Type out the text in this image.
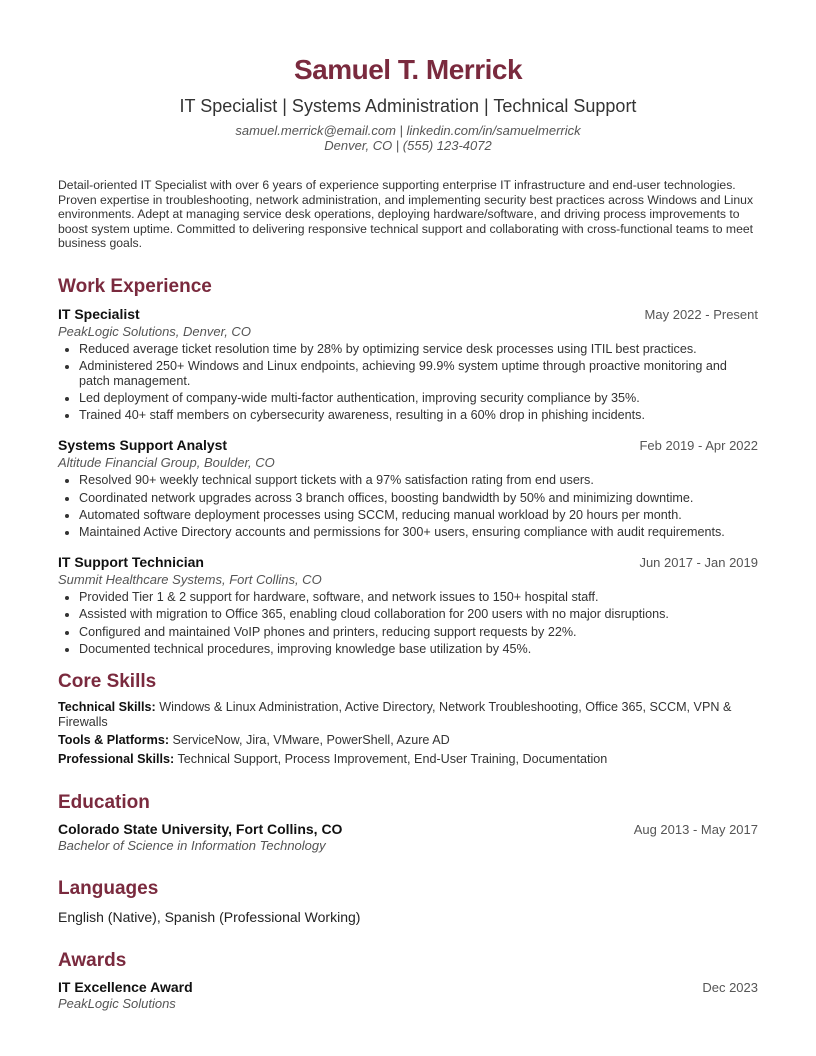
Samuel T. Merrick
IT Specialist | Systems Administration | Technical Support
samuel.merrick@email.com | linkedin.com/in/samuelmerrick
Denver, CO | (555) 123-4072
Detail-oriented IT Specialist with over 6 years of experience supporting enterprise IT infrastructure and end-user technologies. Proven expertise in troubleshooting, network administration, and implementing security best practices across Windows and Linux environments. Adept at managing service desk operations, deploying hardware/software, and driving process improvements to boost system uptime. Committed to delivering responsive technical support and collaborating with cross-functional teams to meet business goals.
Work Experience
IT Specialist	May 2022 - Present
PeakLogic Solutions, Denver, CO
• Reduced average ticket resolution time by 28% by optimizing service desk processes using ITIL best practices.
• Administered 250+ Windows and Linux endpoints, achieving 99.9% system uptime through proactive monitoring and patch management.
• Led deployment of company-wide multi-factor authentication, improving security compliance by 35%.
• Trained 40+ staff members on cybersecurity awareness, resulting in a 60% drop in phishing incidents.
Systems Support Analyst	Feb 2019 - Apr 2022
Altitude Financial Group, Boulder, CO
• Resolved 90+ weekly technical support tickets with a 97% satisfaction rating from end users.
• Coordinated network upgrades across 3 branch offices, boosting bandwidth by 50% and minimizing downtime.
• Automated software deployment processes using SCCM, reducing manual workload by 20 hours per month.
• Maintained Active Directory accounts and permissions for 300+ users, ensuring compliance with audit requirements.
IT Support Technician	Jun 2017 - Jan 2019
Summit Healthcare Systems, Fort Collins, CO
• Provided Tier 1 & 2 support for hardware, software, and network issues to 150+ hospital staff.
• Assisted with migration to Office 365, enabling cloud collaboration for 200 users with no major disruptions.
• Configured and maintained VoIP phones and printers, reducing support requests by 22%.
• Documented technical procedures, improving knowledge base utilization by 45%.
Core Skills
Technical Skills: Windows & Linux Administration, Active Directory, Network Troubleshooting, Office 365, SCCM, VPN & Firewalls
Tools & Platforms: ServiceNow, Jira, VMware, PowerShell, Azure AD
Professional Skills: Technical Support, Process Improvement, End-User Training, Documentation
Education
Colorado State University, Fort Collins, CO	Aug 2013 - May 2017
Bachelor of Science in Information Technology
Languages
English (Native), Spanish (Professional Working)
Awards
IT Excellence Award	Dec 2023
PeakLogic Solutions
